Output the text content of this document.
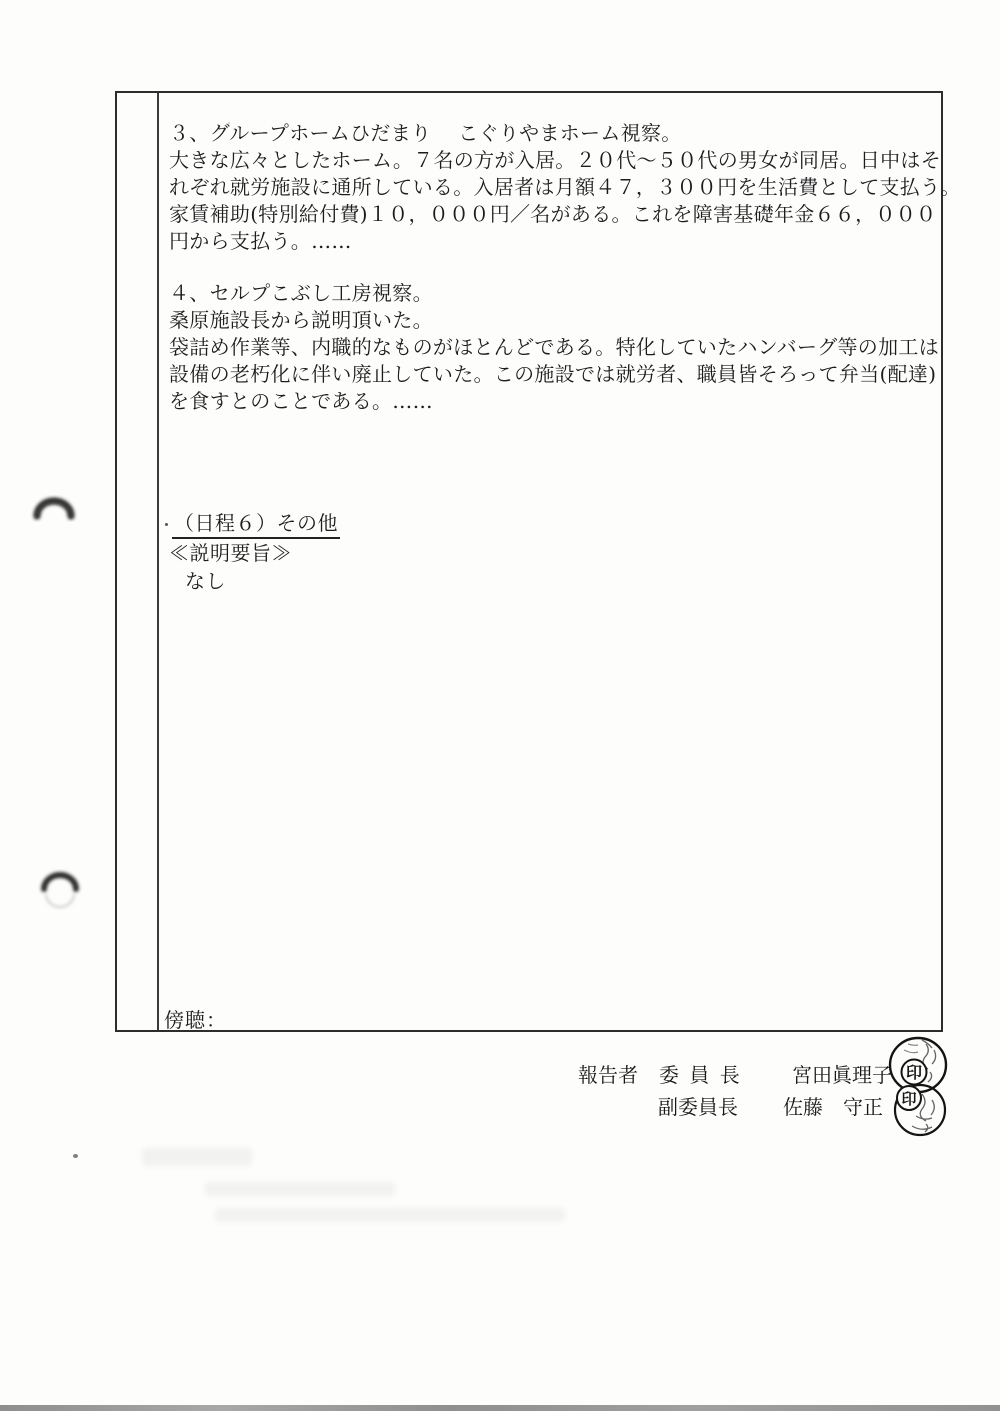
３、グループホームひだまり　 こぐりやまホーム視察。
大きな広々としたホーム。７名の方が入居。２０代～５０代の男女が同居。日中はそ
れぞれ就労施設に通所している。入居者は月額４７，３００円を生活費として支払う。
家賃補助(特別給付費)１０，０００円／名がある。これを障害基礎年金６６，０００
円から支払う。……
４、セルプこぶし工房視察。
桑原施設長から説明頂いた。
袋詰め作業等、内職的なものがほとんどである。特化していたハンバーグ等の加工は
設備の老朽化に伴い廃止していた。この施設では就労者、職員皆そろって弁当(配達)
を食すとのことである。……
（日程６）その他
≪説明要旨≫
なし
傍聴：
報告者 委 員 長	宮田眞理子
副委員長 佐藤　守正
印
印
